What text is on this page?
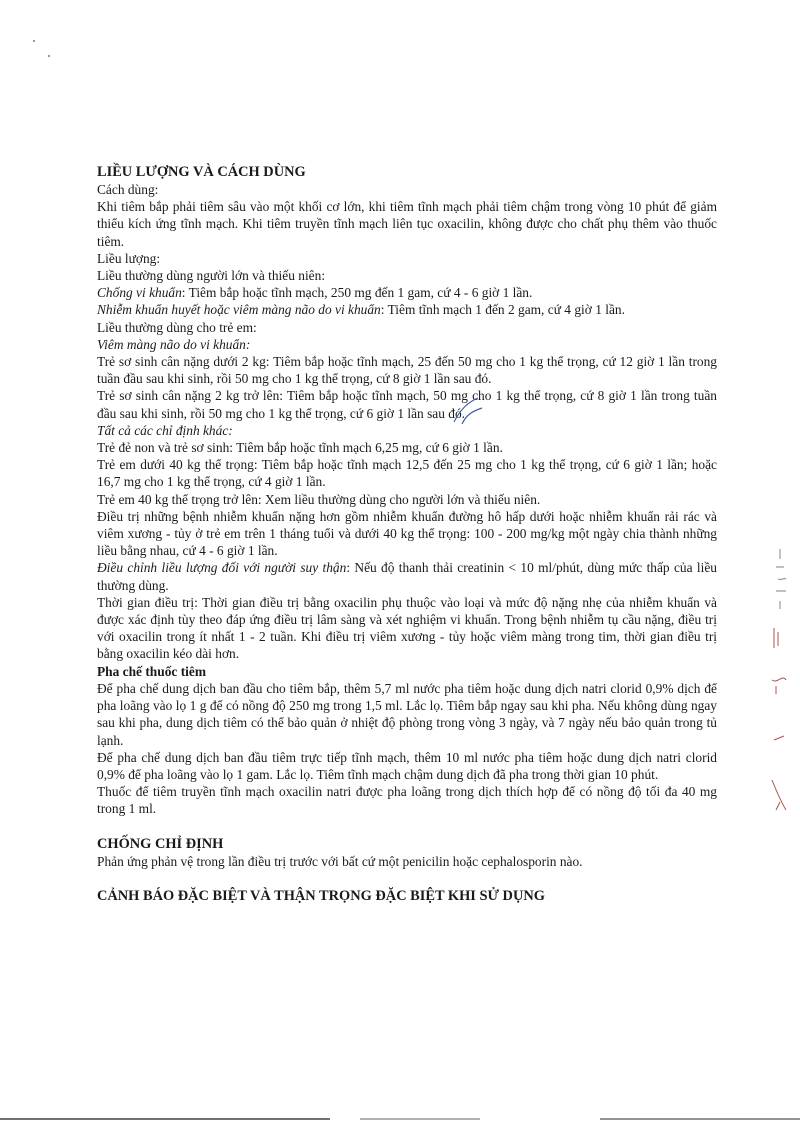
LIỀU LƯỢNG VÀ CÁCH DÙNG

Cách dùng:

Khi tiêm bắp phải tiêm sâu vào một khối cơ lớn, khi tiêm tĩnh mạch phải tiêm chậm trong vòng 10 phút để giảm thiểu kích ứng tĩnh mạch. Khi tiêm truyền tĩnh mạch liên tục oxacilin, không được cho chất phụ thêm vào thuốc tiêm.

Liều lượng:

Liều thường dùng người lớn và thiếu niên:

Chống vi khuẩn: Tiêm bắp hoặc tĩnh mạch, 250 mg đến 1 gam, cứ 4 - 6 giờ 1 lần.

Nhiễm khuẩn huyết hoặc viêm màng não do vi khuẩn: Tiêm tĩnh mạch 1 đến 2 gam, cứ 4 giờ 1 lần.

Liều thường dùng cho trẻ em:

Viêm màng não do vi khuẩn:

Trẻ sơ sinh cân nặng dưới 2 kg: Tiêm bắp hoặc tĩnh mạch, 25 đến 50 mg cho 1 kg thể trọng, cứ 12 giờ 1 lần trong tuần đầu sau khi sinh, rồi 50 mg cho 1 kg thể trọng, cứ 8 giờ 1 lần sau đó.

Trẻ sơ sinh cân nặng 2 kg trở lên: Tiêm bắp hoặc tĩnh mạch, 50 mg cho 1 kg thể trọng, cứ 8 giờ 1 lần trong tuần đầu sau khi sinh, rồi 50 mg cho 1 kg thể trọng, cứ 6 giờ 1 lần sau đó.

Tất cả các chỉ định khác:

Trẻ đẻ non và trẻ sơ sinh: Tiêm bắp hoặc tĩnh mạch 6,25 mg, cứ 6 giờ 1 lần.

Trẻ em dưới 40 kg thể trọng: Tiêm bắp hoặc tĩnh mạch 12,5 đến 25 mg cho 1 kg thể trọng, cứ 6 giờ 1 lần; hoặc 16,7 mg cho 1 kg thể trọng, cứ 4 giờ 1 lần.

Trẻ em 40 kg thể trọng trở lên: Xem liều thường dùng cho người lớn và thiếu niên.

Điều trị những bệnh nhiễm khuẩn nặng hơn gồm nhiễm khuẩn đường hô hấp dưới hoặc nhiễm khuẩn rải rác và viêm xương - tủy ở trẻ em trên 1 tháng tuổi và dưới 40 kg thể trọng: 100 - 200 mg/kg một ngày chia thành những liều bằng nhau, cứ 4 - 6 giờ 1 lần.

Điều chỉnh liều lượng đối với người suy thận: Nếu độ thanh thải creatinin < 10 ml/phút, dùng mức thấp của liều thường dùng.

Thời gian điều trị: Thời gian điều trị bằng oxacilin phụ thuộc vào loại và mức độ nặng nhẹ của nhiễm khuẩn và được xác định tùy theo đáp ứng điều trị lâm sàng và xét nghiệm vi khuẩn. Trong bệnh nhiễm tụ cầu nặng, điều trị với oxacilin trong ít nhất 1 - 2 tuần. Khi điều trị viêm xương - tủy hoặc viêm màng trong tim, thời gian điều trị bằng oxacilin kéo dài hơn.

Pha chế thuốc tiêm

Để pha chế dung dịch ban đầu cho tiêm bắp, thêm 5,7 ml nước pha tiêm hoặc dung dịch natri clorid 0,9% dịch để pha loãng vào lọ 1 g để có nồng độ 250 mg trong 1,5 ml. Lắc lọ. Tiêm bắp ngay sau khi pha. Nếu không dùng ngay sau khi pha, dung dịch tiêm có thể bảo quản ở nhiệt độ phòng trong vòng 3 ngày, và 7 ngày nếu bảo quản trong tủ lạnh.

Để pha chế dung dịch ban đầu tiêm trực tiếp tĩnh mạch, thêm 10 ml nước pha tiêm hoặc dung dịch natri clorid 0,9% để pha loãng vào lọ 1 gam. Lắc lọ. Tiêm tĩnh mạch chậm dung dịch đã pha trong thời gian 10 phút.

Thuốc để tiêm truyền tĩnh mạch oxacilin natri được pha loãng trong dịch thích hợp để có nồng độ tối đa 40 mg trong 1 ml.

CHỐNG CHỈ ĐỊNH

Phản ứng phản vệ trong lần điều trị trước với bất cứ một penicilin hoặc cephalosporin nào.

CẢNH BÁO ĐẶC BIỆT VÀ THẬN TRỌNG ĐẶC BIỆT KHI SỬ DỤNG
